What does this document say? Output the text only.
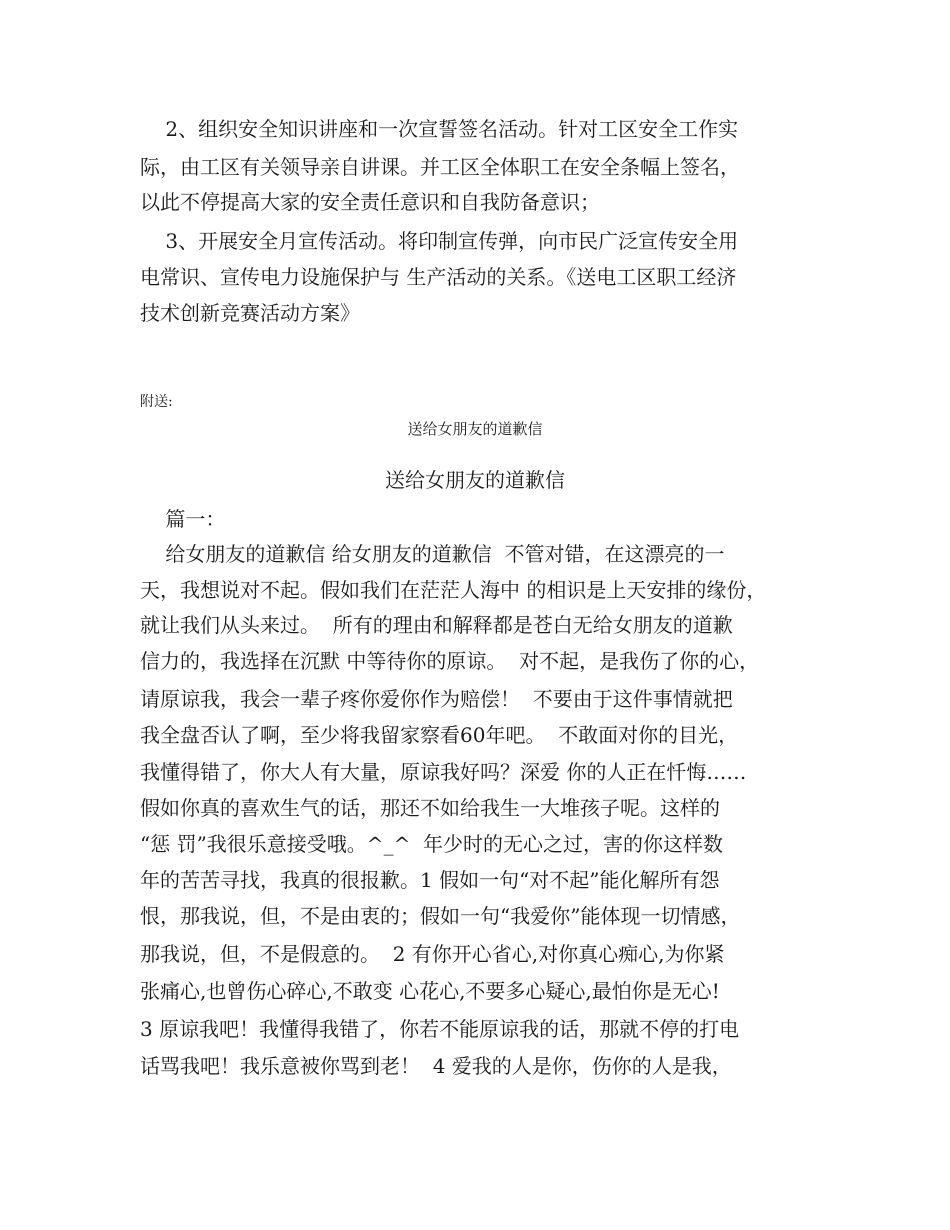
2、组织安全知识讲座和一次宣誓签名活动。针对工区安全工作实
际，由工区有关领导亲自讲课。并工区全体职工在安全条幅上签名，
以此不停提高大家的安全责任意识和自我防备意识；
3、开展安全月宣传活动。将印制宣传弹，向市民广泛宣传安全用
电常识、宣传电力设施保护与 生产活动的关系。《送电工区职工经济
技术创新竞赛活动方案》
附送:
送给女朋友的道歉信
送给女朋友的道歉信
篇一：
给女朋友的道歉信 给女朋友的道歉信  不管对错，在这漂亮的一
天，我想说对不起。假如我们在茫茫人海中 的相识是上天安排的缘份，
就让我们从头来过。  所有的理由和解释都是苍白无给女朋友的道歉
信力的，我选择在沉默 中等待你的原谅。  对不起，是我伤了你的心，
请原谅我，我会一辈子疼你爱你作为赔偿！  不要由于这件事情就把
我全盘否认了啊，至少将我留家察看60年吧。  不敢面对你的目光，
我懂得错了，你大人有大量，原谅我好吗？深爱 你的人正在忏悔……
假如你真的喜欢生气的话，那还不如给我生一大堆孩子呢。这样的
“惩 罚”我很乐意接受哦。^_^  年少时的无心之过，害的你这样数
年的苦苦寻找，我真的很报歉。1 假如一句“对不起”能化解所有怨
恨，那我说，但，不是由衷的；假如一句“我爱你”能体现一切情感，
那我说，但，不是假意的。  2 有你开心省心,对你真心痴心,为你紧
张痛心,也曾伤心碎心,不敢变 心花心,不要多心疑心,最怕你是无心!
3 原谅我吧！我懂得我错了，你若不能原谅我的话，那就不停的打电
话骂我吧！我乐意被你骂到老！  4 爱我的人是你，伤你的人是我，
